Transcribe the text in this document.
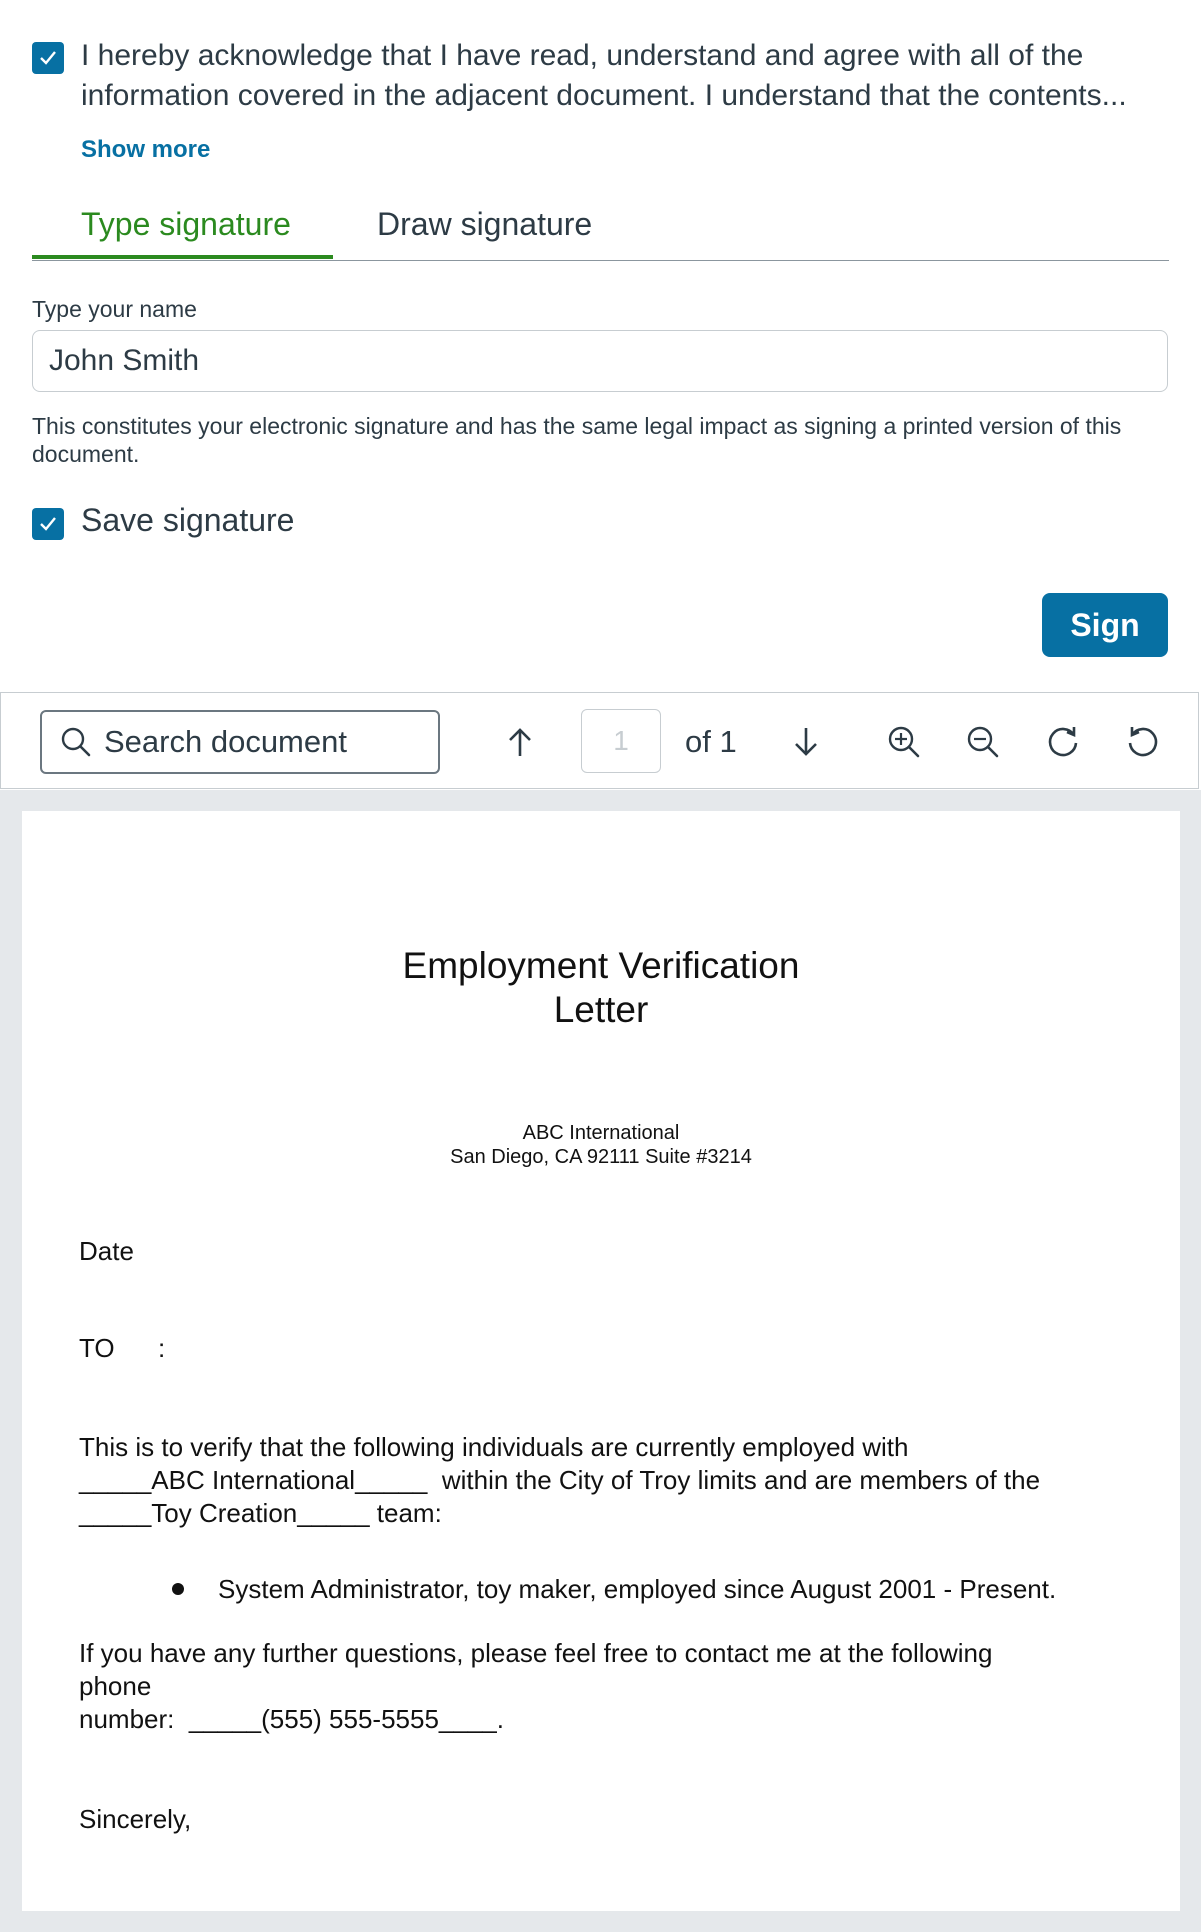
I hereby acknowledge that I have read, understand and agree with all of the information covered in the adjacent document. I understand that the contents...
Show more
Type signature	Draw signature
Type your name
John Smith
This constitutes your electronic signature and has the same legal impact as signing a printed version of this document.
Save signature
Sign
Search document
1
of 1
Employment Verification
Letter
ABC International
San Diego, CA 92111 Suite #3214
Date
TO      :
This is to verify that the following individuals are currently employed with
_____ABC International_____  within the City of Troy limits and are members of the
_____Toy Creation_____ team:
System Administrator, toy maker, employed since August 2001 - Present.
If you have any further questions, please feel free to contact me at the following
phone
number:  _____(555) 555-5555____.
Sincerely,
